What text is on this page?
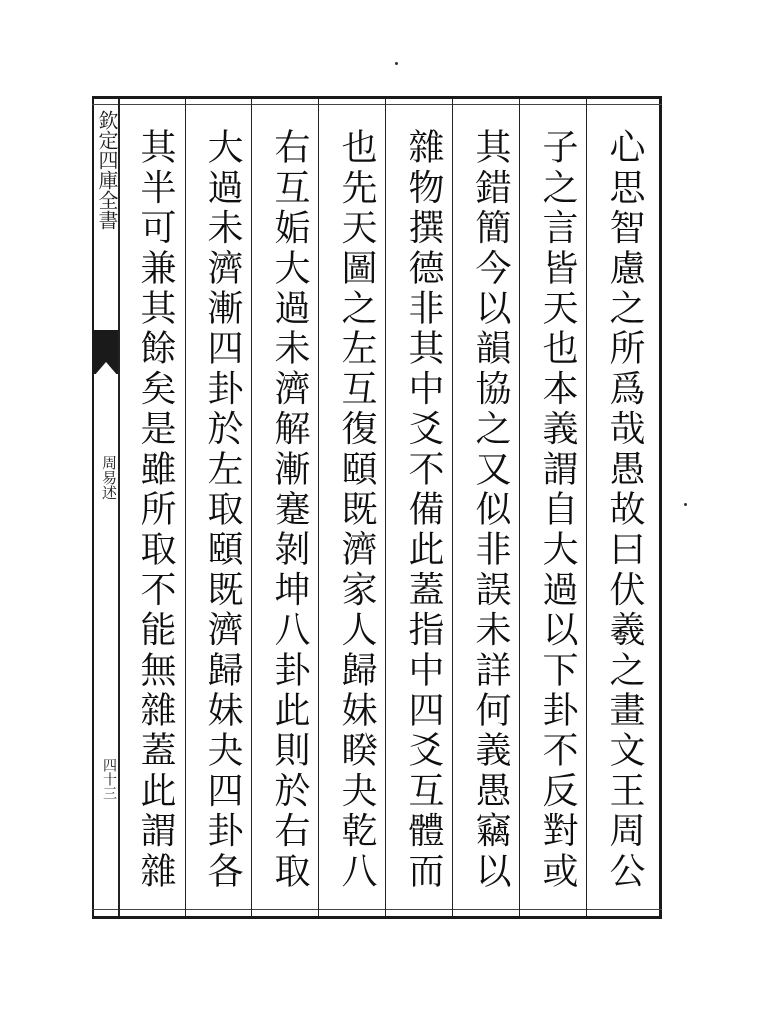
欽定四庫全書
周易述
四十三
心思智慮之所爲哉愚故曰伏羲之畫文王周公
子之言皆天也本義謂自大過以下卦不反對或
其錯簡今以韻協之又似非誤未詳何義愚竊以
雜物撰德非其中爻不備此蓋指中四爻互體而
也先天圖之左互復頤既濟家人歸妹睽夬乾八
右互姤大過未濟解漸蹇剝坤八卦此則於右取
大過未濟漸四卦於左取頤既濟歸妹夬四卦各
其半可兼其餘矣是雖所取不能無雜蓋此謂雜
